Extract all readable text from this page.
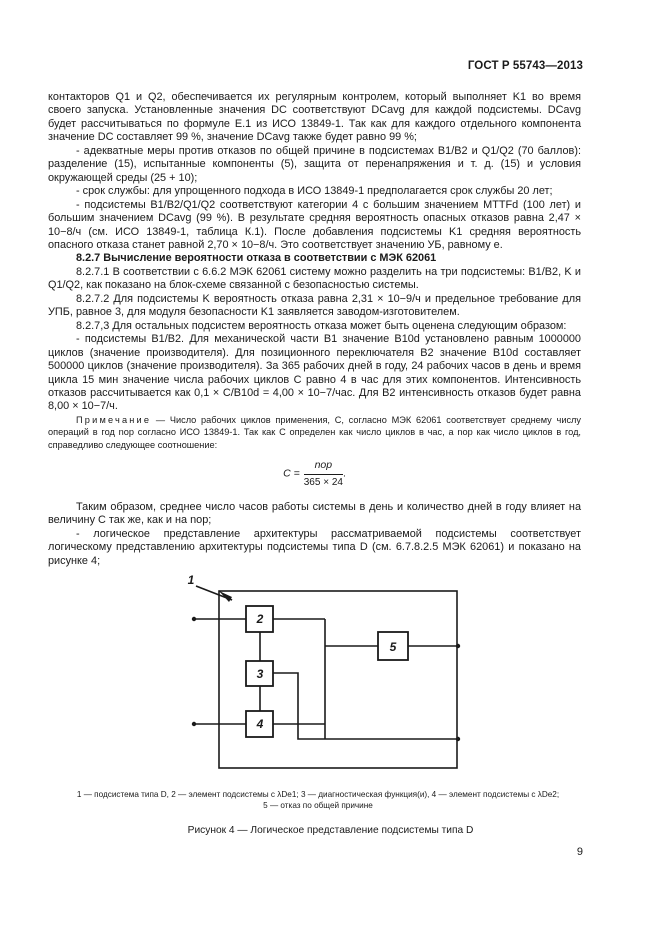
ГОСТ Р 55743—2013

контакторов Q1 и Q2, обеспечивается их регулярным контролем, который выполняет K1 во время своего запуска. Установленные значения DC соответствуют DCavg для каждой подсистемы. DCavg будет рассчитываться по формуле Е.1 из ИСО 13849-1. Так как для каждого отдельного компонента значение DC составляет 99 %, значение DCavg также будет равно 99 %;

- адекватные меры против отказов по общей причине в подсистемах B1/B2 и Q1/Q2 (70 баллов): разделение (15), испытанные компоненты (5), защита от перенапряжения и т. д. (15) и условия окружающей среды (25 + 10);

- срок службы: для упрощенного подхода в ИСО 13849-1 предполагается срок службы 20 лет;

- подсистемы B1/B2/Q1/Q2 соответствуют категории 4 с большим значением MTTFd (100 лет) и большим значением DCavg (99 %). В результате средняя вероятность опасных отказов равна 2,47 × 10−8/ч (см. ИСО 13849-1, таблица К.1). После добавления подсистемы K1 средняя вероятность опасного отказа станет равной 2,70 × 10−8/ч. Это соответствует значению УБ, равному e.

8.2.7 Вычисление вероятности отказа в соответствии с МЭК 62061

8.2.7.1 В соответствии с 6.6.2 МЭК 62061 систему можно разделить на три подсистемы: B1/B2, K и Q1/Q2, как показано на блок-схеме связанной с безопасностью системы.

8.2.7.2 Для подсистемы K вероятность отказа равна 2,31 × 10−9/ч и предельное требование для УПБ, равное 3, для модуля безопасности K1 заявляется заводом-изготовителем.

8.2.7,3 Для остальных подсистем вероятность отказа может быть оценена следующим образом:

- подсистемы B1/B2. Для механической части B1 значение B10d установлено равным 1000000 циклов (значение производителя). Для позиционного переключателя B2 значение B10d составляет 500000 циклов (значение производителя). За 365 рабочих дней в году, 24 рабочих часов в день и время цикла 15 мин значение числа рабочих циклов C равно 4 в час для этих компонентов. Интенсивность отказов рассчитывается как 0,1 × C/B10d = 4,00 × 10−7/час. Для B2 интенсивность отказов будет равна 8,00 × 10−7/ч.

Примечание — Число рабочих циклов применения, C, согласно МЭК 62061 соответствует среднему числу операций в год nop согласно ИСО 13849-1. Так как C определен как число циклов в час, а nop как число циклов в год, справедливо следующее соотношение:

$C = \frac{\text{nop}}{365 \times 24}$ .

Таким образом, среднее число часов работы системы в день и количество дней в году влияет на величину C так же, как и на nop;

- логическое представление архитектуры рассматриваемой подсистемы соответствует логическому представлению архитектуры подсистемы типа D (см. 6.7.8.2.5 МЭК 62061) и показано на рисунке 4;

1
2
3
4
5
1 — подсистема типа D, 2 — элемент подсистемы с λDe1; 3 — диагностическая функция(и), 4 — элемент подсистемы с λDe2;
5 — отказ по общей причине
Рисунок 4 — Логическое представление подсистемы типа D
9
